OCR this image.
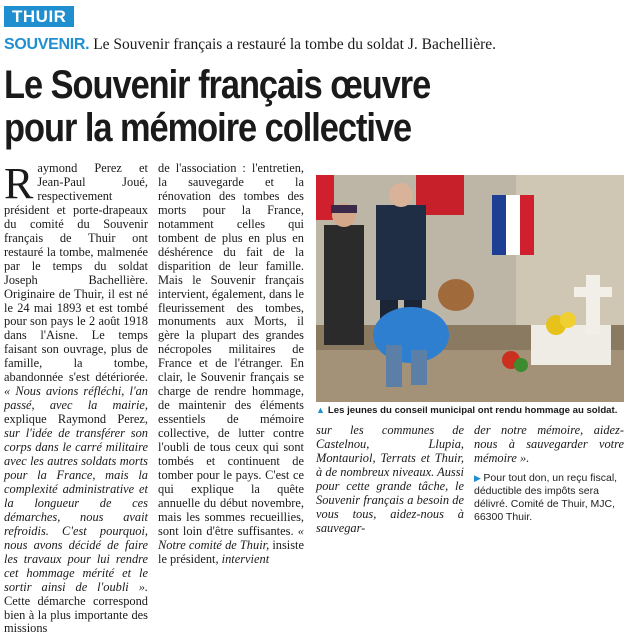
THUIR
SOUVENIR. Le Souvenir français a restauré la tombe du soldat J. Bachellière.
Le Souvenir français œuvre
pour la mémoire collective

Raymond Perez et Jean-Paul Joué, respectivement président et porte-drapeaux du comité du Souvenir français de Thuir ont restauré la tombe, malmenée par le temps du soldat Joseph Bachellière. Originaire de Thuir, il est né le 24 mai 1893 et est tombé pour son pays le 2 août 1918 dans l'Aisne. Le temps faisant son ouvrage, plus de famille, la tombe, abandonnée s'est détériorée. « Nous avions réfléchi, l'an passé, avec la mairie, explique Raymond Perez, sur l'idée de transférer son corps dans le carré militaire avec les autres soldats morts pour la France, mais la complexité administrative et la longueur de ces démarches, nous avait refroidis. C'est pourquoi, nous avons décidé de faire les travaux pour lui rendre cet hommage mérité et le sortir ainsi de l'oubli ». Cette démarche correspond bien à la plus importante des missions

de l'association : l'entretien, la sauvegarde et la rénovation des tombes des morts pour la France, notamment celles qui tombent de plus en plus en déshérence du fait de la disparition de leur famille. Mais le Souvenir français intervient, également, dans le fleurissement des tombes, monuments aux Morts, il gère la plupart des grandes nécropoles militaires de France et de l'étranger. En clair, le Souvenir français se charge de rendre hommage, de maintenir des éléments essentiels de mémoire collective, de lutter contre l'oubli de tous ceux qui sont tombés et continuent de tomber pour le pays. C'est ce qui explique la quête annuelle du début novembre, mais les sommes recueillies, sont loin d'être suffisantes. « Notre comité de Thuir, insiste le président, intervient

▲ Les jeunes du conseil municipal ont rendu hommage au soldat.

sur les communes de Castelnou, Llupia, Montauriol, Terrats et Thuir, à de nombreux niveaux. Aussi pour cette grande tâche, le Souvenir français a besoin de vous tous, aidez-nous à sauvegar-

der notre mémoire, aidez-nous à sauvegarder votre mémoire ».

▶ Pour tout don, un reçu fiscal, déductible des impôts sera délivré. Comité de Thuir, MJC, 66300 Thuir.
